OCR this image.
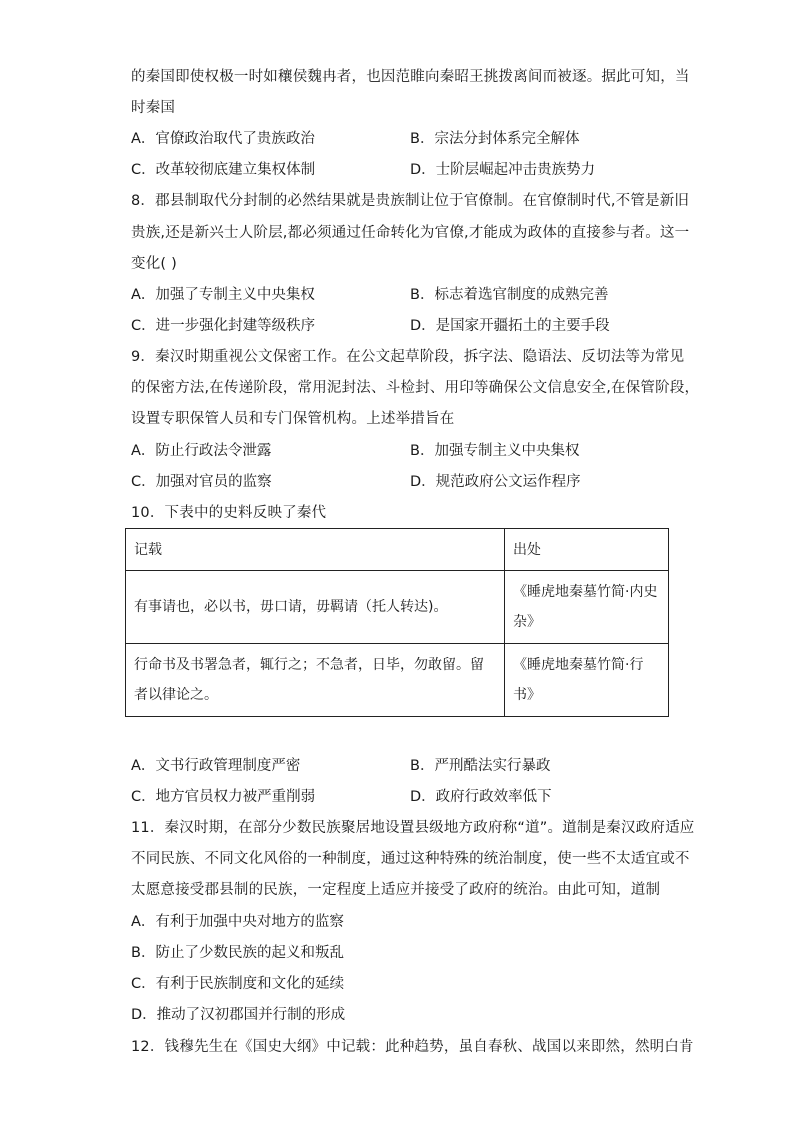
的秦国即使权极一时如穰侯魏冉者，也因范睢向秦昭王挑拨离间而被逐。据此可知，当
时秦国
A．官僚政治取代了贵族政治	B．宗法分封体系完全解体
C．改革较彻底建立集权体制	D．士阶层崛起冲击贵族势力
8．郡县制取代分封制的必然结果就是贵族制让位于官僚制。在官僚制时代,不管是新旧
贵族,还是新兴士人阶层,都必须通过任命转化为官僚,才能成为政体的直接参与者。这一
变化( )
A．加强了专制主义中央集权	B．标志着选官制度的成熟完善
C．进一步强化封建等级秩序	D．是国家开疆拓土的主要手段
9．秦汉时期重视公文保密工作。在公文起草阶段，拆字法、隐语法、反切法等为常见
的保密方法,在传递阶段，常用泥封法、斗检封、用印等确保公文信息安全,在保管阶段，
设置专职保管人员和专门保管机构。上述举措旨在
A．防止行政法令泄露	B．加强专制主义中央集权
C．加强对官员的监察	D．规范政府公文运作程序
10．下表中的史料反映了秦代
记载	出处
有事请也，必以书，毋口请，毋羁请（托人转达)。	《睡虎地秦墓竹简·内史杂》

行命书及书署急者，辄行之；不急者，日毕，勿敢留。留者以律论之。	《睡虎地秦墓竹简·行书》
A．文书行政管理制度严密	B．严刑酷法实行暴政
C．地方官员权力被严重削弱	D．政府行政效率低下
11．秦汉时期，在部分少数民族聚居地设置县级地方政府称“道”。道制是秦汉政府适应
不同民族、不同文化风俗的一种制度，通过这种特殊的统治制度，使一些不太适宜或不
太愿意接受郡县制的民族，一定程度上适应并接受了政府的统治。由此可知，道制
A．有利于加强中央对地方的监察
B．防止了少数民族的起义和叛乱
C．有利于民族制度和文化的延续
D．推动了汉初郡国并行制的形成
12．钱穆先生在《国史大纲》中记载：此种趋势，虽自春秋、战国以来即然，然明白肯
